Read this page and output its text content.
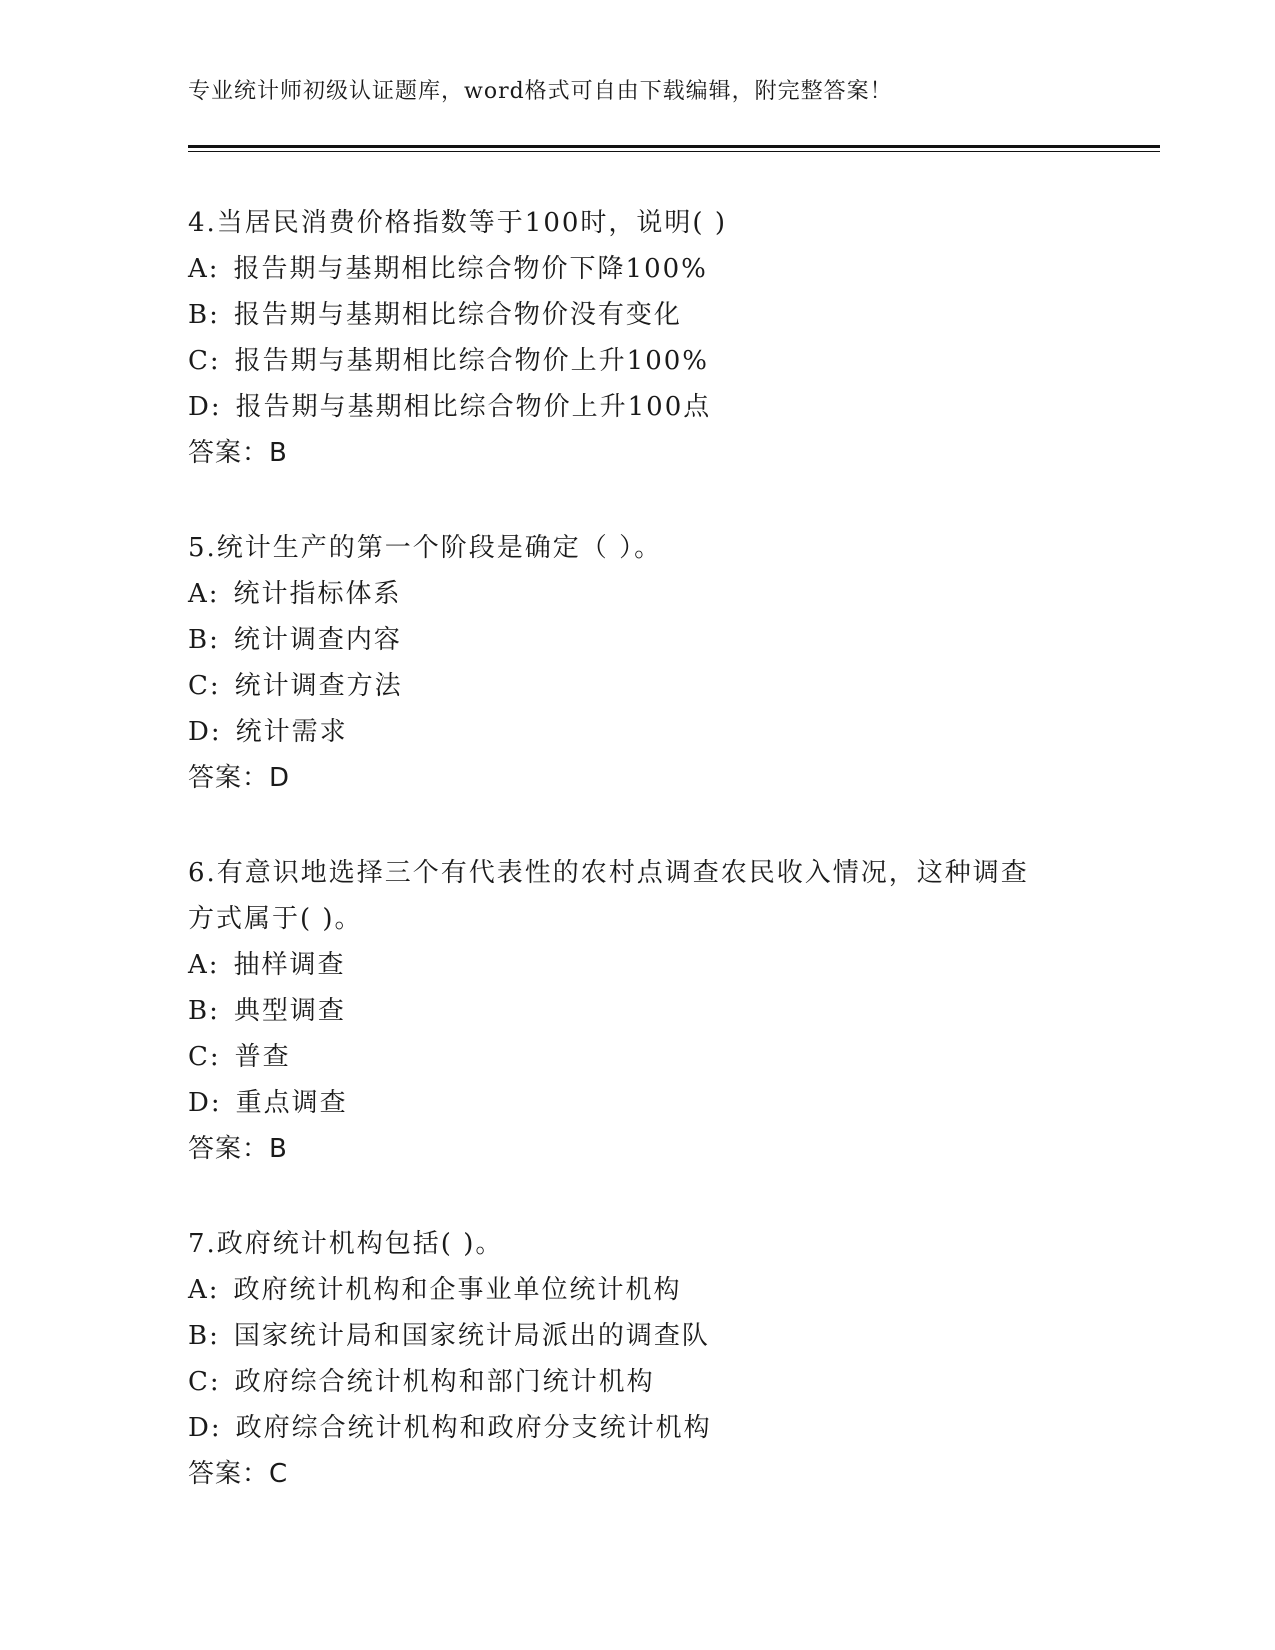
专业统计师初级认证题库，word格式可自由下载编辑，附完整答案！
4.当居民消费价格指数等于100时，说明( )
A: 报告期与基期相比综合物价下降100%
B: 报告期与基期相比综合物价没有变化
C: 报告期与基期相比综合物价上升100%
D: 报告期与基期相比综合物价上升100点
答案：B
5.统计生产的第一个阶段是确定（ ）。
A: 统计指标体系
B: 统计调查内容
C: 统计调查方法
D: 统计需求
答案：D
6.有意识地选择三个有代表性的农村点调查农民收入情况，这种调查
方式属于( )。
A: 抽样调查
B: 典型调查
C: 普查
D: 重点调查
答案：B
7.政府统计机构包括( )。
A: 政府统计机构和企事业单位统计机构
B: 国家统计局和国家统计局派出的调查队
C: 政府综合统计机构和部门统计机构
D: 政府综合统计机构和政府分支统计机构
答案：C
